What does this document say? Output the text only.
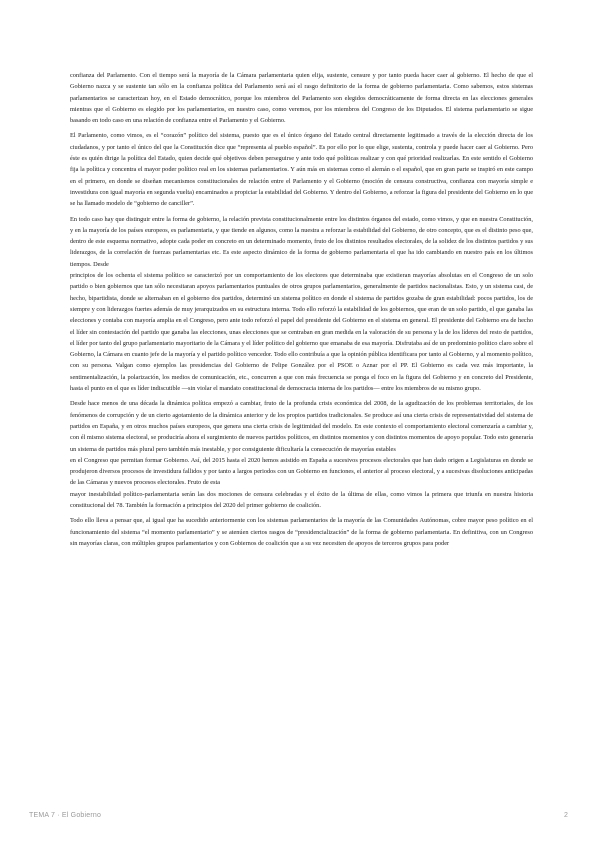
confianza del Parlamento. Con el tiempo será la mayoría de la Cámara parlamentaria quien elija, sustente, censure y por tanto pueda hacer caer al gobierno. El hecho de que el Gobierno nazca y se sustente tan sólo en la confianza política del Parlamento será así el rasgo definitorio de la forma de gobierno parlamentaria. Como sabemos, estos sistemas parlamentarios se caracterizan hoy, en el Estado democrático, porque los miembros del Parlamento son elegidos democráticamente de forma directa en las elecciones generales mientras que el Gobierno es elegido por los parlamentarios, en nuestro caso, como veremos, por los miembros del Congreso de los Diputados. El sistema parlamentario se sigue basando en todo caso en una relación de confianza entre el Parlamento y el Gobierno.

El Parlamento, como vimos, es el “corazón” político del sistema, puesto que es el único órgano del Estado central directamente legitimado a través de la elección directa de los ciudadanos, y por tanto el único del que la Constitución dice que “representa al pueblo español”. Es por ello por lo que elige, sustenta, controla y puede hacer caer al Gobierno. Pero éste es quién dirige la política del Estado, quien decide qué objetivos deben perseguirse y ante todo qué políticas realizar y con qué prioridad realizarlas. En este sentido el Gobierno fija la política y concentra el mayor poder político real en los sistemas parlamentarios. Y aún más en sistemas como el alemán o el español, que en gran parte se inspiró en este campo en el primero, en donde se diseñan mecanismos constitucionales de relación entre el Parlamento y el Gobierno (moción de censura constructiva, confianza con mayoría simple e investidura con igual mayoría en segunda vuelta) encaminados a propiciar la estabilidad del Gobierno. Y dentro del Gobierno, a reforzar la figura del presidente del Gobierno en lo que se ha llamado modelo de “gobierno de canciller”.

En todo caso hay que distinguir entre la forma de gobierno, la relación prevista constitucionalmente entre los distintos órganos del estado, como vimos, y que en nuestra Constitución, y en la mayoría de los países europeos, es parlamentaria, y que tiende en algunos, como la nuestra a reforzar la estabilidad del Gobierno, de otro concepto, que es el distinto peso que, dentro de este esquema normativo, adopte cada poder en concreto en un determinado momento, fruto de los distintos resultados electorales, de la solidez de los distintos partidos y sus liderazgos, de la correlación de fuerzas parlamentarias etc. Es este aspecto dinámico de la forma de gobierno parlamentaria el que ha ido cambiando en nuestro país en los últimos tiempos. Desde

principios de los ochenta el sistema político se caracterizó por un comportamiento de los electores que determinaba que existieran mayorías absolutas en el Congreso de un solo partido o bien gobiernos que tan sólo necesitaran apoyos parlamentarios puntuales de otros grupos parlamentarios, generalmente de partidos nacionalistas. Esto, y un sistema casi, de hecho, bipartidista, donde se alternaban en el gobierno dos partidos, determinó un sistema político en donde el sistema de partidos gozaba de gran estabilidad: pocos partidos, los de siempre y con liderazgos fuertes además de muy jerarquizados en su estructura interna. Todo ello reforzó la estabilidad de los gobiernos, que eran de un solo partido, el que ganaba las elecciones y contaba con mayoría amplia en el Congreso, pero ante todo reforzó el papel del presidente del Gobierno en el sistema en general. El presidente del Gobierno era de hecho el líder sin contestación del partido que ganaba las elecciones, unas elecciones que se centraban en gran medida en la valoración de su persona y la de los líderes del resto de partidos, el líder por tanto del grupo parlamentario mayoritario de la Cámara y el líder político del gobierno que emanaba de esa mayoría. Disfrutaba así de un predominio político claro sobre el Gobierno, la Cámara en cuanto jefe de la mayoría y el partido político vencedor. Todo ello contribuía a que la opinión pública identificara por tanto al Gobierno, y al momento político, con su persona. Valgan como ejemplos las presidencias del Gobierno de Felipe González por el PSOE o Aznar por el PP. El Gobierno es cada vez más importante, la sentimentalización, la polarización, los medios de comunicación, etc., concurren a que con más frecuencia se ponga el foco en la figura del Gobierno y en concreto del Presidente, hasta el punto en el que es líder indiscutible —sin violar el mandato constitucional de democracia interna de los partidos— entre los miembros de su mismo grupo.

Desde hace menos de una década la dinámica política empezó a cambiar, fruto de la profunda crisis económica del 2008, de la agudización de los problemas territoriales, de los fenómenos de corrupción y de un cierto agotamiento de la dinámica anterior y de los propios partidos tradicionales. Se produce así una cierta crisis de representatividad del sistema de partidos en España, y en otros muchos países europeos, que genera una cierta crisis de legitimidad del modelo. En este contexto el comportamiento electoral comenzaría a cambiar y, con él mismo sistema electoral, se produciría ahora el surgimiento de nuevos partidos políticos, en distintos momentos y con distintos momentos de apoyo popular. Todo esto generaría un sistema de partidos más plural pero también más inestable, y por consiguiente dificultaría la consecución de mayorías estables

en el Congreso que permitan formar Gobierno. Así, del 2015 hasta el 2020 hemos asistido en España a sucesivos procesos electorales que han dado origen a Legislaturas en donde se produjeron diversos procesos de investidura fallidos y por tanto a largos periodos con un Gobierno en funciones, el anterior al proceso electoral, y a sucesivas disoluciones anticipadas de las Cámaras y nuevos procesos electorales. Fruto de esta

mayor inestabilidad político-parlamentaria serán las dos mociones de censura celebradas y el éxito de la última de ellas, como vimos la primera que triunfa en nuestra historia constitucional del 78. También la formación a principios del 2020 del primer gobierno de coalición.

Todo ello lleva a pensar que, al igual que ha sucedido anteriormente con los sistemas parlamentarios de la mayoría de las Comunidades Autónomas, cobre mayor peso político en el funcionamiento del sistema “el momento parlamentario” y se atenúen ciertos rasgos de “presidencialización” de la forma de gobierno parlamentaria. En definitiva, con un Congreso sin mayorías claras, con múltiples grupos parlamentarios y con Gobiernos de coalición que a su vez necesiten de apoyos de terceros grupos para poder

TEMA 7 · El Gobierno	2
